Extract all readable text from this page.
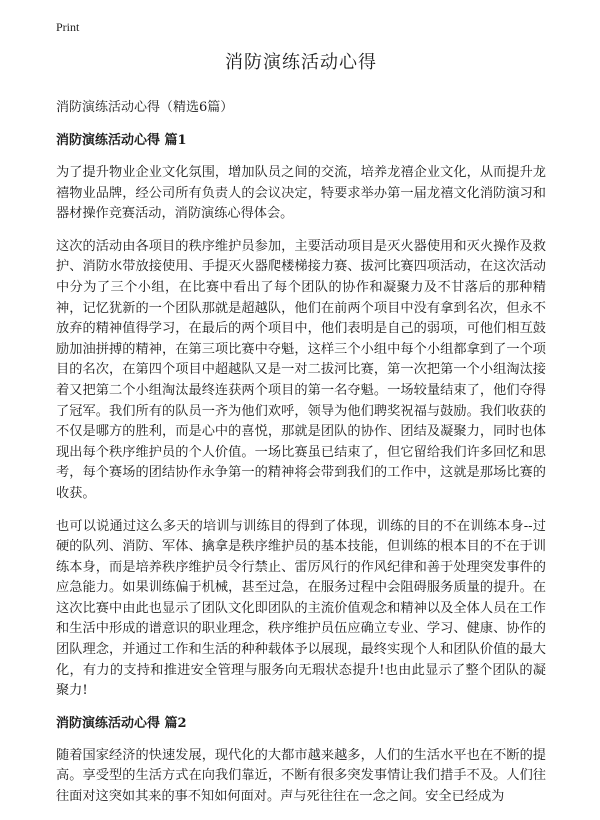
Print
消防演练活动心得

消防演练活动心得（精选6篇）

消防演练活动心得 篇1

为了提升物业企业文化氛围，增加队员之间的交流，培养龙禧企业文化，从而提升龙禧物业品牌，经公司所有负责人的会议决定，特要求举办第一届龙禧文化消防演习和器材操作竞赛活动，消防演练心得体会。

这次的活动由各项目的秩序维护员参加，主要活动项目是灭火器使用和灭火操作及救护、消防水带放接使用、手提灭火器爬楼梯接力赛、拔河比赛四项活动，在这次活动中分为了三个小组，在比赛中看出了每个团队的协作和凝聚力及不甘落后的那种精神，记忆犹新的一个团队那就是超越队，他们在前两个项目中没有拿到名次，但永不放弃的精神值得学习，在最后的两个项目中，他们表明是自己的弱项，可他们相互鼓励加油拼搏的精神，在第三项比赛中夺魁，这样三个小组中每个小组都拿到了一个项目的名次，在第四个项目中超越队又是一对二拔河比赛，第一次把第一个小组淘汰接着又把第二个小组淘汰最终连获两个项目的第一名夺魁。一场较量结束了，他们夺得了冠军。我们所有的队员一齐为他们欢呼，领导为他们聘奖祝福与鼓励。我们收获的不仅是哪方的胜利，而是心中的喜悦，那就是团队的协作、团结及凝聚力，同时也体现出每个秩序维护员的个人价值。一场比赛虽已结束了，但它留给我们许多回忆和思考，每个赛场的团结协作永争第一的精神将会带到我们的工作中，这就是那场比赛的收获。

也可以说通过这么多天的培训与训练目的得到了体现，训练的目的不在训练本身--过硬的队列、消防、军体、擒拿是秩序维护员的基本技能，但训练的根本目的不在于训练本身，而是培养秩序维护员令行禁止、雷厉风行的作风纪律和善于处理突发事件的应急能力。如果训练偏于机械，甚至过急，在服务过程中会阻碍服务质量的提升。在这次比赛中由此也显示了团队文化即团队的主流价值观念和精神以及全体人员在工作和生活中形成的谱意识的职业理念，秩序维护员伍应确立专业、学习、健康、协作的团队理念，并通过工作和生活的种种载体予以展现，最终实现个人和团队价值的最大化，有力的支持和推进安全管理与服务向无瑕状态提升!也由此显示了整个团队的凝聚力!

消防演练活动心得 篇2

随着国家经济的快速发展，现代化的大都市越来越多，人们的生活水平也在不断的提高。享受型的生活方式在向我们靠近，不断有很多突发事情让我们措手不及。人们往往面对这突如其来的事不知如何面对。声与死往往在一念之间。安全已经成为
